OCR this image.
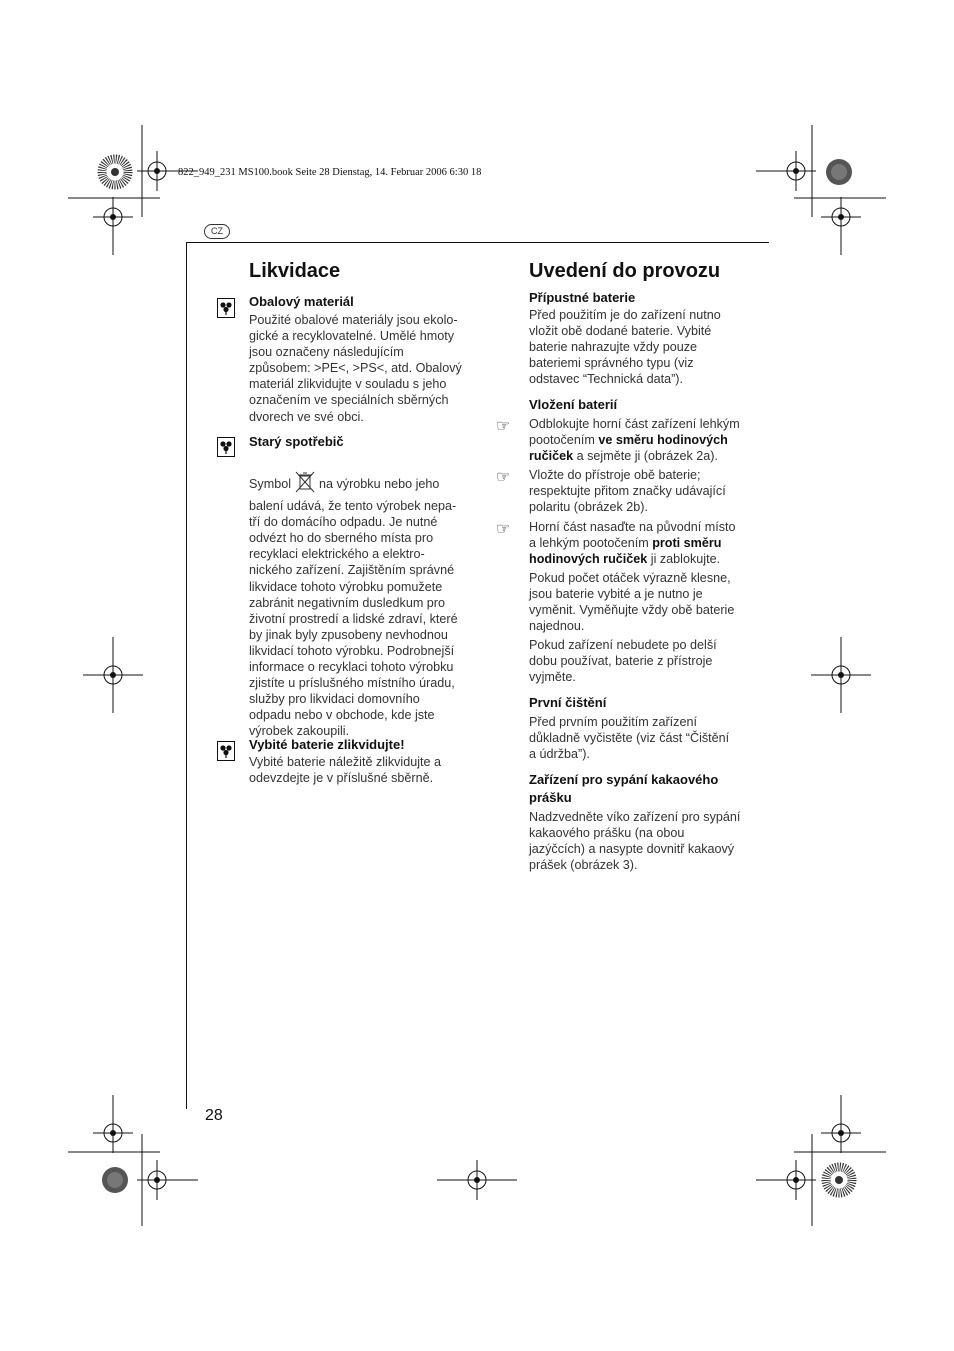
822_949_231 MS100.book Seite 28 Dienstag, 14. Februar 2006 6:30 18
CZ
Likvidace
Obalový materiál
Použité obalové materiály jsou ekolo-
gické a recyklovatelné. Umělé hmoty
jsou označeny následujícím
způsobem: >PE<, >PS<, atd. Obalový
materiál zlikvidujte v souladu s jeho
označením ve speciálních sběrných
dvorech ve své obci.
Starý spotřebič
Symbol na výrobku nebo jeho
balení udává, že tento výrobek nepa-
tří do domácího odpadu. Je nutné
odvézt ho do sberného místa pro
recyklaci elektrického a elektro-
nického zařízení. Zajištěním správné
likvidace tohoto výrobku pomužete
zabránit negativním dusledkum pro
životní prostredí a lidské zdraví, které
by jinak byly zpusobeny nevhodnou
likvidací tohoto výrobku. Podrobnejší
informace o recyklaci tohoto výrobku
zjistíte u príslušného místního úradu,
služby pro likvidaci domovního
odpadu nebo v obchode, kde jste
výrobek zakoupili.
Vybité baterie zlikvidujte!
Vybité baterie náležitě zlikvidujte a
odevzdejte je v příslušné sběrně.
Uvedení do provozu
Přípustné baterie
Před použitím je do zařízení nutno
vložit obě dodané baterie. Vybité
baterie nahrazujte vždy pouze
bateriemi správného typu (viz
odstavec “Technická data”).
Vložení baterií
☞ Odblokujte horní část zařízení lehkým
pootočením ve směru hodinových
ručiček a sejměte ji (obrázek 2a).
☞ Vložte do přístroje obě baterie;
respektujte přitom značky udávající
polaritu (obrázek 2b).
☞ Horní část nasaďte na původní místo
a lehkým pootočením proti směru
hodinových ručiček ji zablokujte.
Pokud počet otáček výrazně klesne,
jsou baterie vybité a je nutno je
vyměnit. Vyměňujte vždy obě baterie
najednou.
Pokud zařízení nebudete po delší
dobu používat, baterie z přístroje
vyjměte.
První čištění
Před prvním použitím zařízení
důkladně vyčistěte (viz část “Čištění
a údržba”).
Zařízení pro sypání kakaového
prášku
Nadzvedněte víko zařízení pro sypání
kakaového prášku (na obou
jazýčcích) a nasypte dovnitř kakaový
prášek (obrázek 3).
28
